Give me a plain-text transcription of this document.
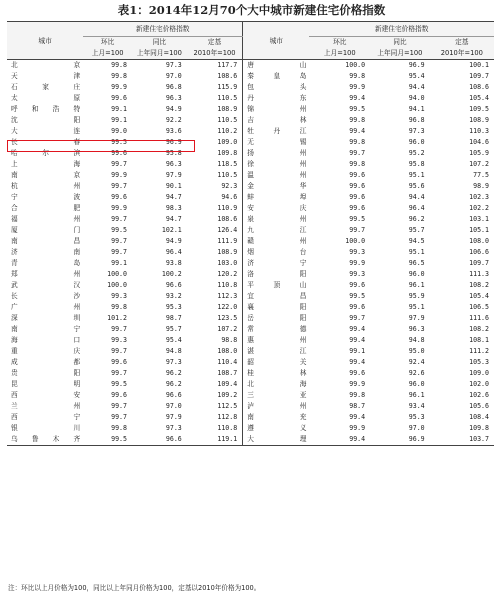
表1：2014年12月70个大中城市新建住宅价格指数
城市	新建住宅价格指数			城市	新建住宅价格指数		
	环比	同比	定基		环比	同比	定基
	上月=100	上年同月=100	2010年=100		上月=100	上年同月=100	2010年=100
北京	99.8	97.3	117.7	唐山	100.0	96.9	100.1
天津	99.8	97.0	108.6	秦皇岛	99.8	95.4	109.7
石家庄	99.9	96.8	115.9	包头	99.9	94.4	108.6
太原	99.6	96.3	110.5	丹东	99.4	94.0	105.4
呼和浩特	99.1	94.9	108.9	锦州	99.5	94.1	109.5
沈阳	99.1	92.2	110.5	吉林	99.8	96.8	108.9
大连	99.0	93.6	110.2	牡丹江	99.4	97.3	110.3
长春	99.5	96.9	109.0	无锡	99.8	96.0	104.6
哈尔滨	99.6	95.8	109.8	扬州	99.7	95.2	105.9
上海	99.7	96.3	118.5	徐州	99.8	95.8	107.2
南京	99.9	97.9	110.5	温州	99.6	95.1	77.5
杭州	99.7	90.1	92.3	金华	99.6	95.6	98.9
宁波	99.6	94.7	94.6	蚌埠	99.6	94.4	102.3
合肥	99.9	98.3	110.9	安庆	99.6	96.4	102.2
福州	99.7	94.7	108.6	泉州	99.5	96.2	103.1
厦门	99.5	102.1	126.4	九江	99.7	95.7	105.1
南昌	99.7	94.9	111.9	赣州	100.0	94.5	108.0
济南	99.7	96.4	108.9	烟台	99.3	95.1	106.6
青岛	99.1	93.8	103.0	济宁	99.9	96.5	109.7
郑州	100.0	100.2	120.2	洛阳	99.3	96.0	111.3
武汉	100.0	96.6	110.8	平顶山	99.6	96.1	108.2
长沙	99.3	93.2	112.3	宜昌	99.5	95.9	105.4
广州	99.8	95.3	122.0	襄阳	99.6	95.1	106.5
深圳	101.2	98.7	123.5	岳阳	99.7	97.9	111.6
南宁	99.7	95.7	107.2	常德	99.4	96.3	108.2
海口	99.3	95.4	98.8	惠州	99.4	94.8	108.1
重庆	99.7	94.8	108.0	湛江	99.1	95.0	111.2
成都	99.6	97.3	110.4	韶关	99.4	92.4	105.3
贵阳	99.7	96.2	108.7	桂林	99.6	92.6	109.0
昆明	99.5	96.2	109.4	北海	99.9	96.0	102.0
西安	99.6	96.6	109.2	三亚	99.8	96.1	102.6
兰州	99.7	97.0	112.5	泸州	98.7	93.4	105.6
西宁	99.7	97.9	112.8	南充	99.4	95.3	108.4
银川	99.8	97.3	110.8	遵义	99.9	97.0	109.8
乌鲁木齐	99.5	96.6	119.1	大理	99.4	96.9	103.7
注：环比以上月价格为100，同比以上年同月价格为100，定基以2010年价格为100。
